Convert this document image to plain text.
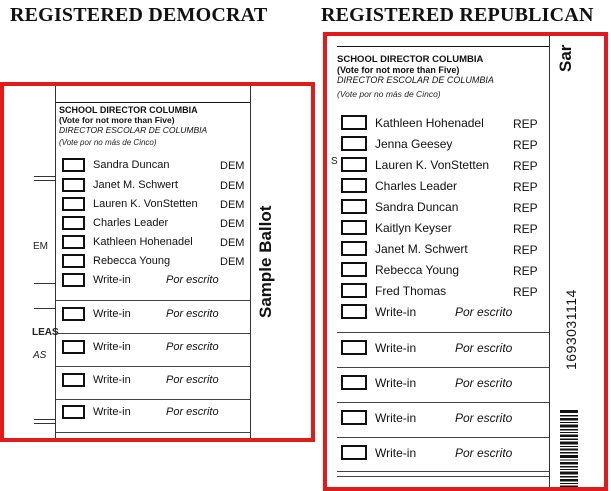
REGISTERED DEMOCRAT	REGISTERED REPUBLICAN
EM
LEAS
AS
SCHOOL DIRECTOR COLUMBIA
(Vote for not more than Five)
DIRECTOR ESCOLAR DE COLUMBIA
(Vote por no más de Cinco)
Sandra Duncan	DEM
Janet M. Schwert	DEM
Lauren K. VonStetten DEM
Charles Leader	DEM
Kathleen Hohenadel DEM
Rebecca Young	DEM
Write-in	Por escrito
Write-in	Por escrito
Write-in	Por escrito
Write-in	Por escrito
Write-in	Por escrito
Sample Ballot
S
SCHOOL DIRECTOR COLUMBIA
(Vote for not more than Five)
DIRECTOR ESCOLAR DE COLUMBIA
(Vote por no más de Cinco)
Kathleen Hohenadel REP
Jenna Geesey	REP
Lauren K. VonStetten REP
Charles Leader	REP
Sandra Duncan	REP
Kaitlyn Keyser	REP
Janet M. Schwert	REP
Rebecca Young	REP
Fred Thomas	REP
Write-in	Por escrito
Write-in	Por escrito
Write-in	Por escrito
Write-in	Por escrito
Write-in	Por escrito
Sar
1693031114
